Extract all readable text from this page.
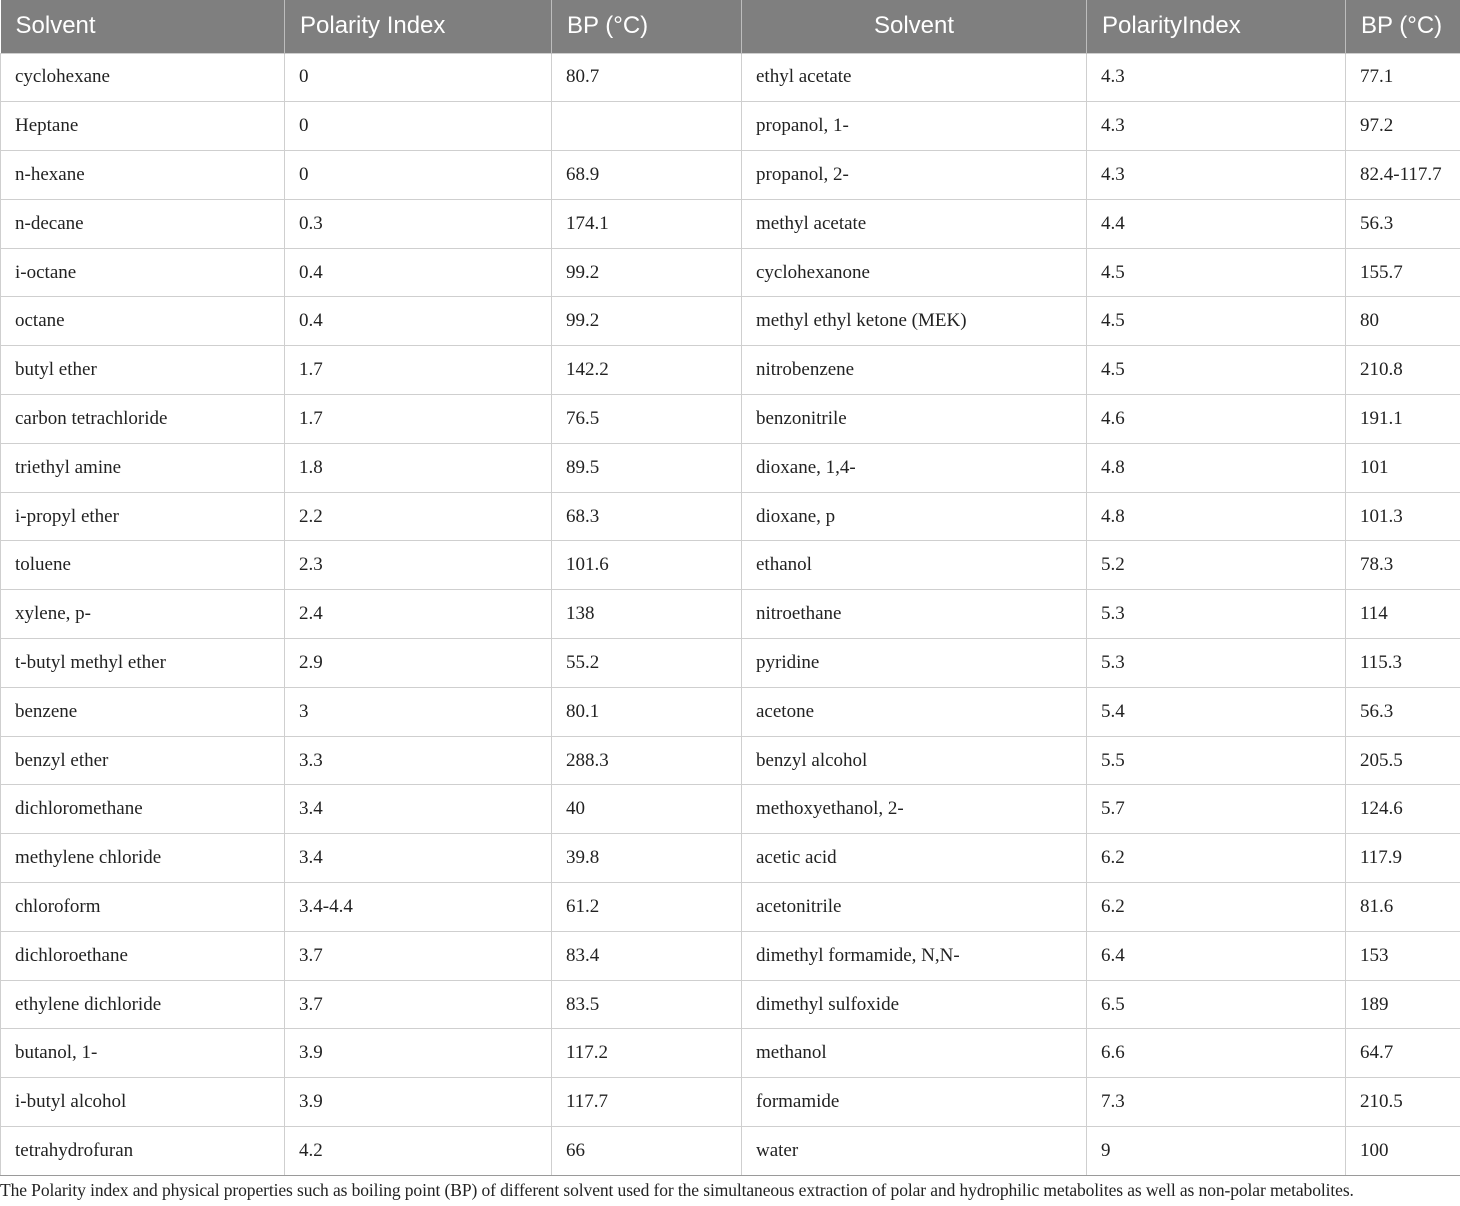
Solvent	Polarity Index	BP (°C)	Solvent	PolarityIndex	BP (°C)
cyclohexane	0	80.7	ethyl acetate	4.3	77.1
Heptane	0		propanol, 1-	4.3	97.2
n-hexane	0	68.9	propanol, 2-	4.3	82.4-117.7
n-decane	0.3	174.1	methyl acetate	4.4	56.3
i-octane	0.4	99.2	cyclohexanone	4.5	155.7
octane	0.4	99.2	methyl ethyl ketone (MEK)	4.5	80
butyl ether	1.7	142.2	nitrobenzene	4.5	210.8
carbon tetrachloride	1.7	76.5	benzonitrile	4.6	191.1
triethyl amine	1.8	89.5	dioxane, 1,4-	4.8	101
i-propyl ether	2.2	68.3	dioxane, p	4.8	101.3
toluene	2.3	101.6	ethanol	5.2	78.3
xylene, p-	2.4	138	nitroethane	5.3	114
t-butyl methyl ether	2.9	55.2	pyridine	5.3	115.3
benzene	3	80.1	acetone	5.4	56.3
benzyl ether	3.3	288.3	benzyl alcohol	5.5	205.5
dichloromethane	3.4	40	methoxyethanol, 2-	5.7	124.6
methylene chloride	3.4	39.8	acetic acid	6.2	117.9
chloroform	3.4-4.4	61.2	acetonitrile	6.2	81.6
dichloroethane	3.7	83.4	dimethyl formamide, N,N-	6.4	153
ethylene dichloride	3.7	83.5	dimethyl sulfoxide	6.5	189
butanol, 1-	3.9	117.2	methanol	6.6	64.7
i-butyl alcohol	3.9	117.7	formamide	7.3	210.5
tetrahydrofuran	4.2	66	water	9	100
The Polarity index and physical properties such as boiling point (BP) of different solvent used for the simultaneous extraction of polar and hydrophilic metabolites as well as non-polar metabolites.
